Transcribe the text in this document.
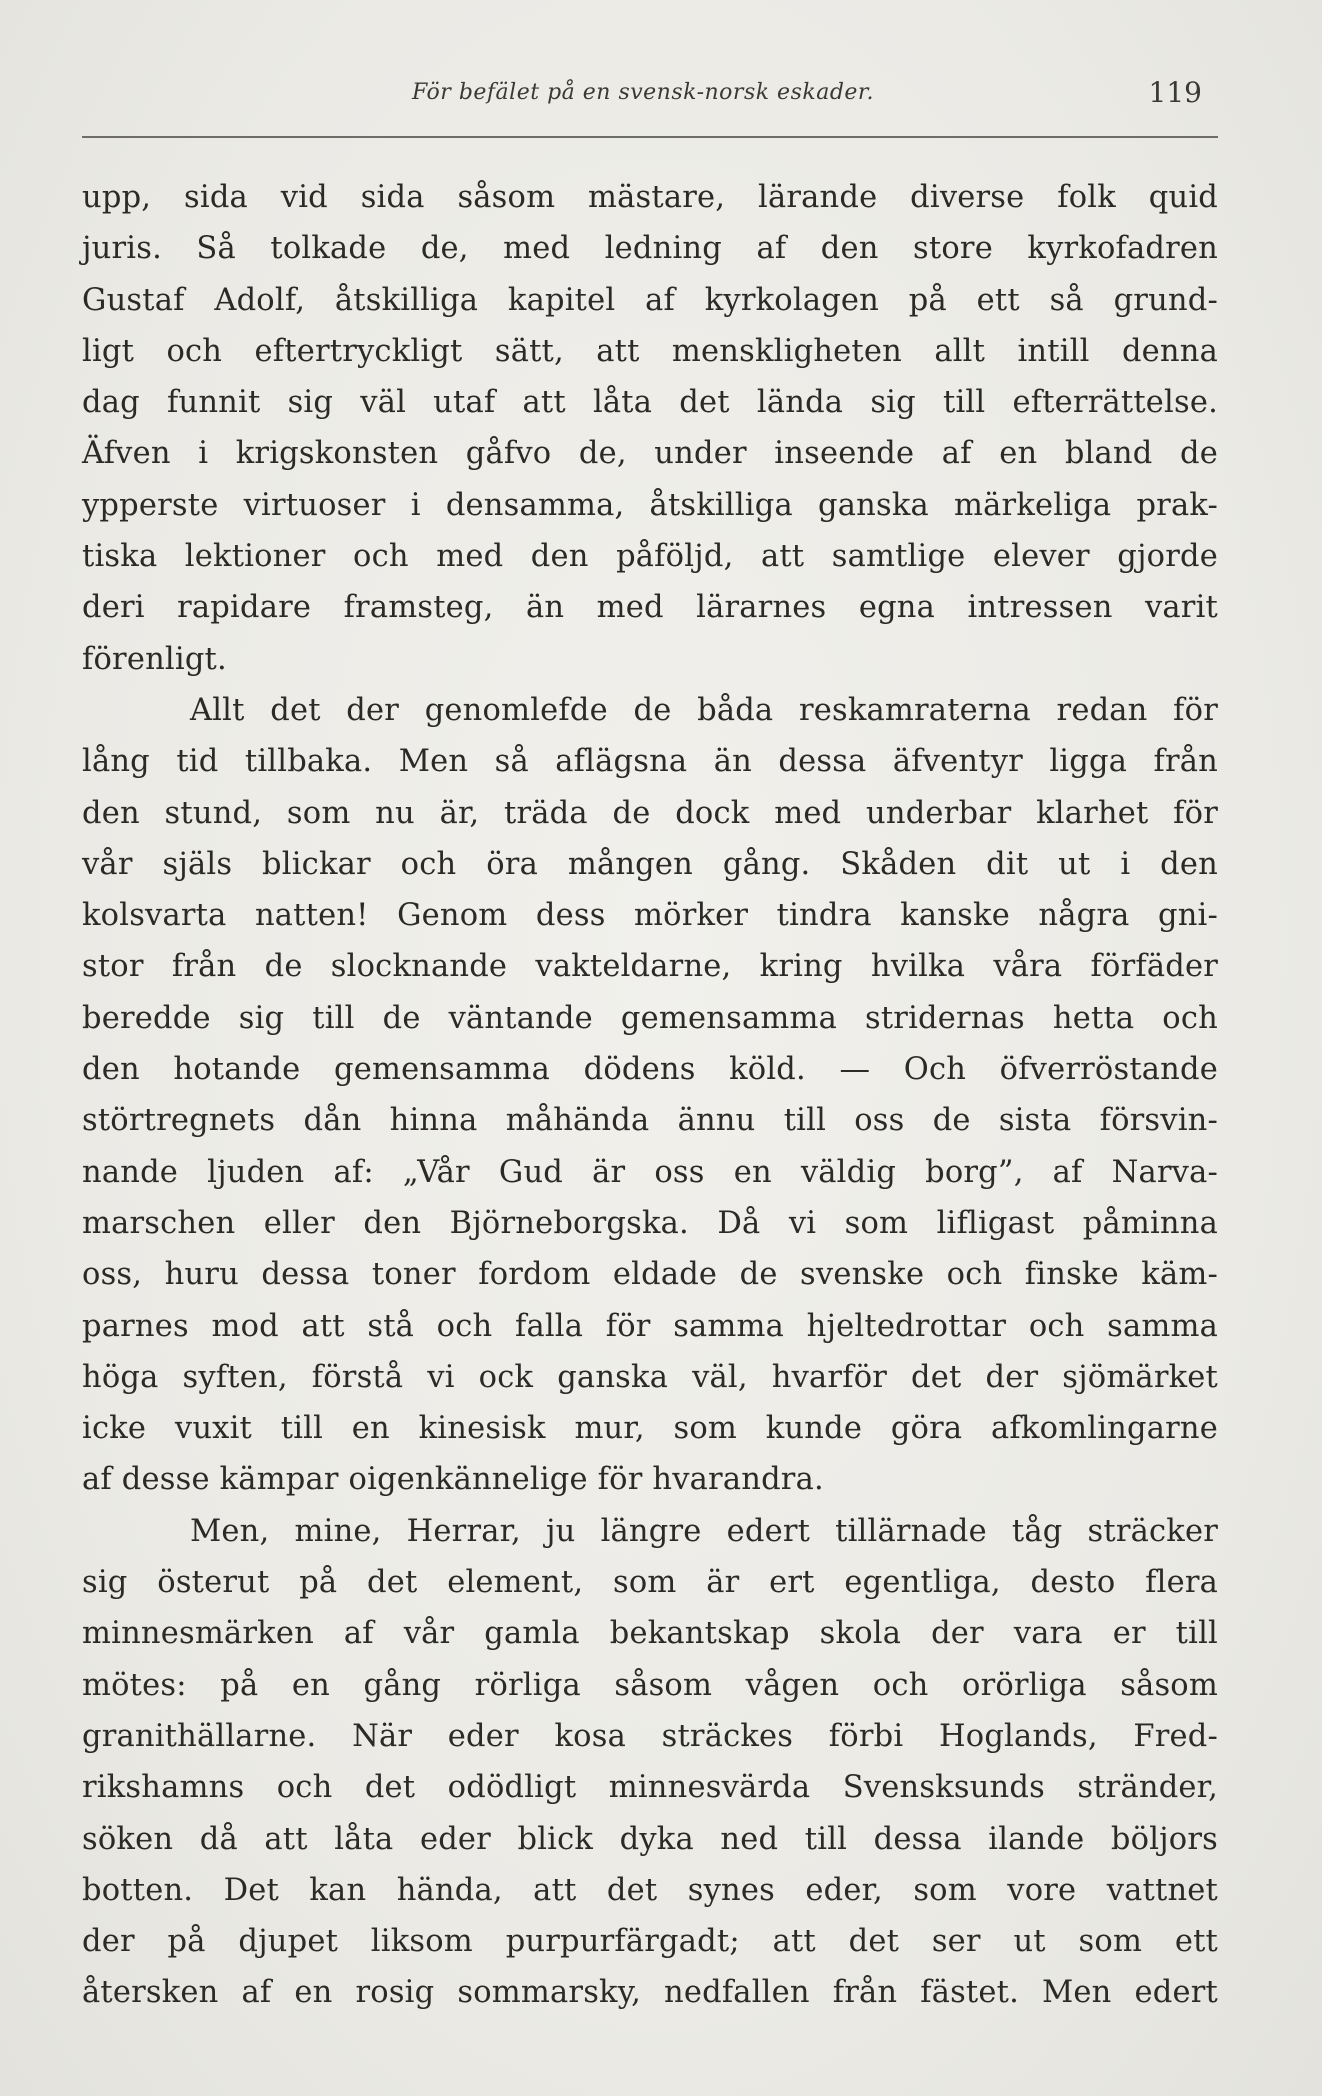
För befälet på en svensk-norsk eskader.	119
upp, sida vid sida såsom mästare, lärande diverse folk quid
juris. Så tolkade de, med ledning af den store kyrkofadren
Gustaf Adolf, åtskilliga kapitel af kyrkolagen på ett så grund-
ligt och eftertryckligt sätt, att menskligheten allt intill denna
dag funnit sig väl utaf att låta det lända sig till efterrättelse.
Äfven i krigskonsten gåfvo de, under inseende af en bland de
ypperste virtuoser i densamma, åtskilliga ganska märkeliga prak-
tiska lektioner och med den påföljd, att samtlige elever gjorde
deri rapidare framsteg, än med lärarnes egna intressen varit
förenligt.
Allt det der genomlefde de båda reskamraterna redan för
lång tid tillbaka. Men så aflägsna än dessa äfventyr ligga från
den stund, som nu är, träda de dock med underbar klarhet för
vår själs blickar och öra mången gång. Skåden dit ut i den
kolsvarta natten! Genom dess mörker tindra kanske några gni-
stor från de slocknande vakteldarne, kring hvilka våra förfäder
beredde sig till de väntande gemensamma stridernas hetta och
den hotande gemensamma dödens köld. — Och öfverröstande
störtregnets dån hinna måhända ännu till oss de sista försvin-
nande ljuden af: „Vår Gud är oss en väldig borg”, af Narva-
marschen eller den Björneborgska. Då vi som lifligast påminna
oss, huru dessa toner fordom eldade de svenske och finske käm-
parnes mod att stå och falla för samma hjeltedrottar och samma
höga syften, förstå vi ock ganska väl, hvarför det der sjömärket
icke vuxit till en kinesisk mur, som kunde göra afkomlingarne
af desse kämpar oigenkännelige för hvarandra.
Men, mine, Herrar, ju längre edert tillärnade tåg sträcker
sig österut på det element, som är ert egentliga, desto flera
minnesmärken af vår gamla bekantskap skola der vara er till
mötes: på en gång rörliga såsom vågen och orörliga såsom
granithällarne. När eder kosa sträckes förbi Hoglands, Fred-
rikshamns och det odödligt minnesvärda Svensksunds stränder,
söken då att låta eder blick dyka ned till dessa ilande böljors
botten. Det kan hända, att det synes eder, som vore vattnet
der på djupet liksom purpurfärgadt; att det ser ut som ett
återsken af en rosig sommarsky, nedfallen från fästet. Men edert
